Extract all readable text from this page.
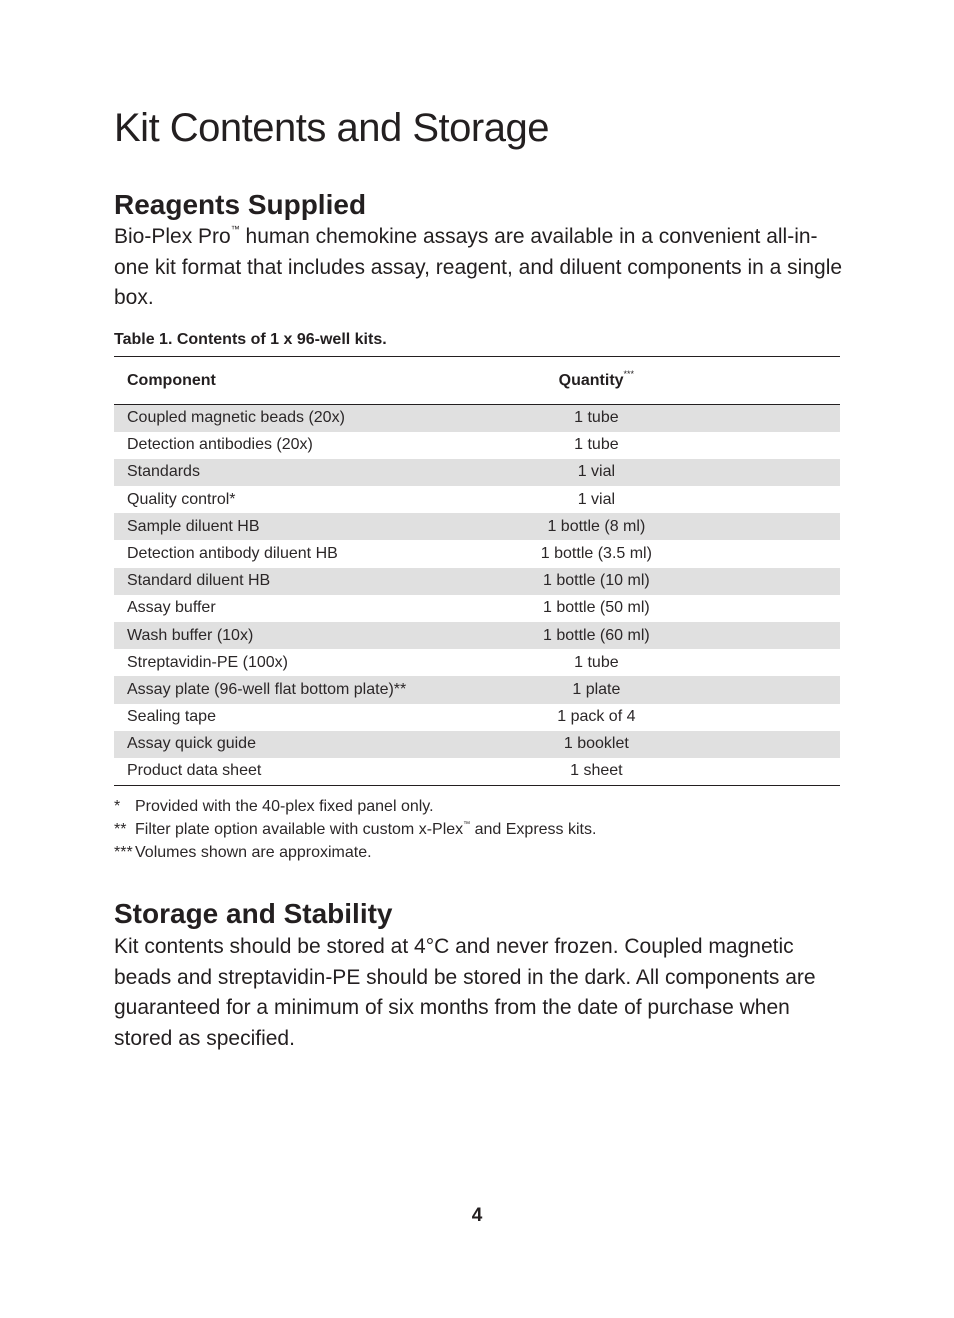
Kit Contents and Storage
Reagents Supplied

Bio-Plex Pro™ human chemokine assays are available in a convenient all-in-one kit format that includes assay, reagent, and diluent components in a single box.

Table 1. Contents of 1 x 96-well kits.

Component	Quantity***	
Coupled magnetic beads (20x)	1 tube	
Detection antibodies (20x)	1 tube	
Standards	1 vial	
Quality control*	1 vial	
Sample diluent HB	1 bottle (8 ml)	
Detection antibody diluent HB	1 bottle (3.5 ml)	
Standard diluent HB	1 bottle (10 ml)	
Assay buffer	1 bottle (50 ml)	
Wash buffer (10x)	1 bottle (60 ml)	
Streptavidin-PE (100x)	1 tube	
Assay plate (96-well flat bottom plate)**	1 plate	
Sealing tape	1 pack of 4	
Assay quick guide	1 booklet	
Product data sheet	1 sheet	
* Provided with the 40-plex fixed panel only.
** Filter plate option available with custom x-Plex™ and Express kits.
*** Volumes shown are approximate.
Storage and Stability

Kit contents should be stored at 4°C and never frozen. Coupled magnetic beads and streptavidin-PE should be stored in the dark. All components are guaranteed for a minimum of six months from the date of purchase when stored as specified.

4
